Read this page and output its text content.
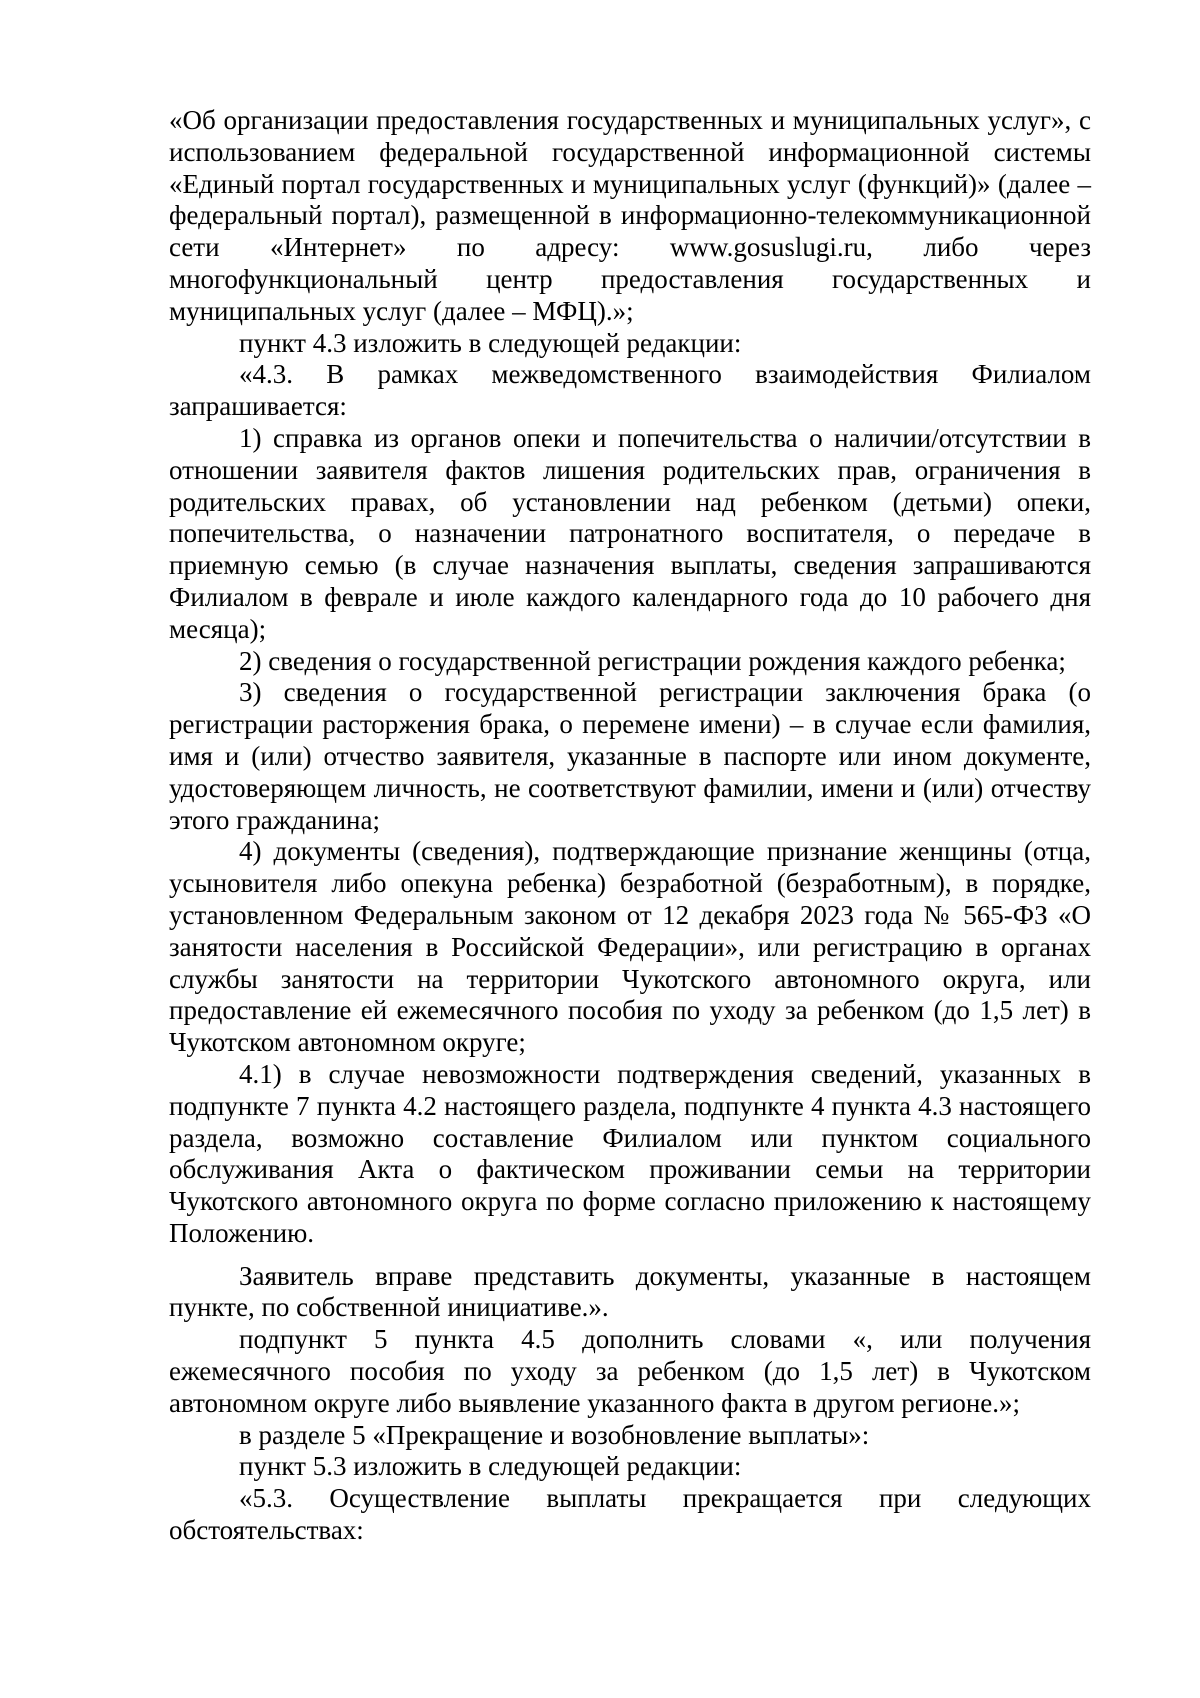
«Об организации предоставления государственных и муниципальных услуг», с использованием федеральной государственной информационной системы «Единый портал государственных и муниципальных услуг (функций)» (далее – федеральный портал), размещенной в информационно-телекоммуникационной сети «Интернет» по адресу: www.gosuslugi.ru, либо через многофункциональный центр предоставления государственных и муниципальных услуг (далее – МФЦ).»;

пункт 4.3 изложить в следующей редакции:

«4.3. В рамках межведомственного взаимодействия Филиалом запрашивается:

1) справка из органов опеки и попечительства о наличии/отсутствии в отношении заявителя фактов лишения родительских прав, ограничения в родительских правах, об установлении над ребенком (детьми) опеки, попечительства, о назначении патронатного воспитателя, о передаче в приемную семью (в случае назначения выплаты, сведения запрашиваются Филиалом в феврале и июле каждого календарного года до 10 рабочего дня месяца);

2) сведения о государственной регистрации рождения каждого ребенка;

3) сведения о государственной регистрации заключения брака (о регистрации расторжения брака, о перемене имени) – в случае если фамилия, имя и (или) отчество заявителя, указанные в паспорте или ином документе, удостоверяющем личность, не соответствуют фамилии, имени и (или) отчеству этого гражданина;

4) документы (сведения), подтверждающие признание женщины (отца, усыновителя либо опекуна ребенка) безработной (безработным), в порядке, установленном Федеральным законом от 12 декабря 2023 года № 565-ФЗ «О занятости населения в Российской Федерации», или регистрацию в органах службы занятости на территории Чукотского автономного округа, или предоставление ей ежемесячного пособия по уходу за ребенком (до 1,5 лет) в Чукотском автономном округе;

4.1) в случае невозможности подтверждения сведений, указанных в подпункте 7 пункта 4.2 настоящего раздела, подпункте 4 пункта 4.3 настоящего раздела, возможно составление Филиалом или пунктом социального обслуживания Акта о фактическом проживании семьи на территории Чукотского автономного округа по форме согласно приложению к настоящему Положению.

Заявитель вправе представить документы, указанные в настоящем пункте, по собственной инициативе.».

подпункт 5 пункта 4.5 дополнить словами «, или получения ежемесячного пособия по уходу за ребенком (до 1,5 лет) в Чукотском автономном округе либо выявление указанного факта в другом регионе.»;

в разделе 5 «Прекращение и возобновление выплаты»:

пункт 5.3 изложить в следующей редакции:

«5.3. Осуществление выплаты прекращается при следующих обстоятельствах:
